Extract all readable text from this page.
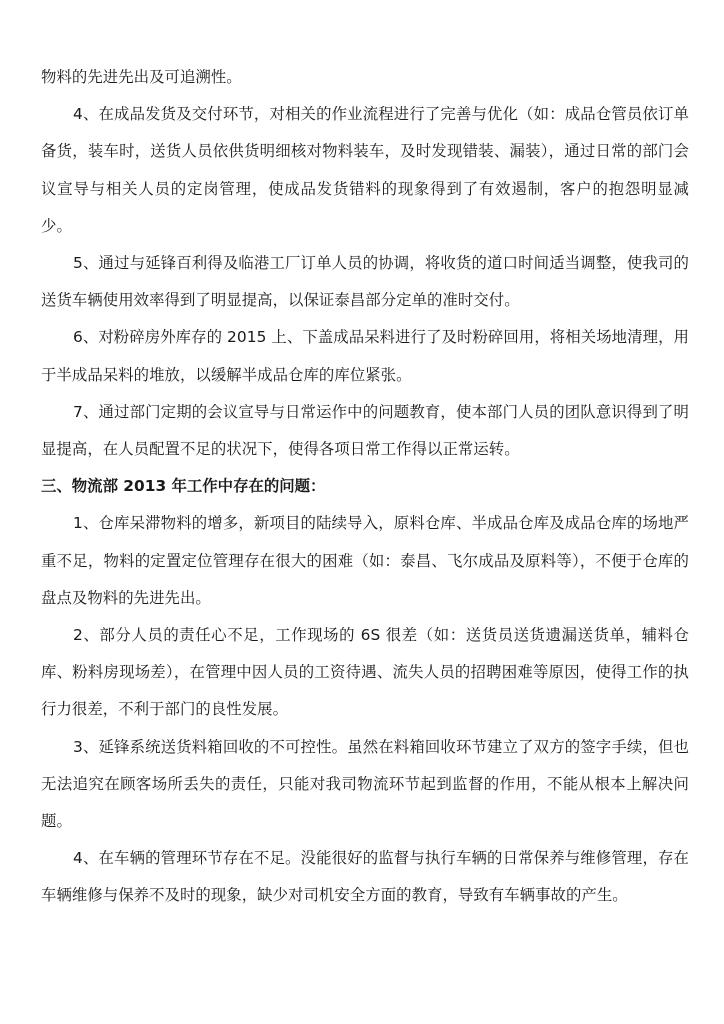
物料的先进先出及可追溯性。

4、在成品发货及交付环节，对相关的作业流程进行了完善与优化（如：成品仓管员依订单备货，装车时，送货人员依供货明细核对物料装车，及时发现错装、漏装），通过日常的部门会议宣导与相关人员的定岗管理，使成品发货错料的现象得到了有效遏制，客户的抱怨明显减少。

5、通过与延锋百利得及临港工厂订单人员的协调，将收货的道口时间适当调整，使我司的送货车辆使用效率得到了明显提高，以保证泰昌部分定单的准时交付。

6、对粉碎房外库存的 2015 上、下盖成品呆料进行了及时粉碎回用，将相关场地清理，用于半成品呆料的堆放，以缓解半成品仓库的库位紧张。

7、通过部门定期的会议宣导与日常运作中的问题教育，使本部门人员的团队意识得到了明显提高，在人员配置不足的状况下，使得各项日常工作得以正常运转。

三、物流部 2013 年工作中存在的问题：

1、仓库呆滞物料的增多，新项目的陆续导入，原料仓库、半成品仓库及成品仓库的场地严重不足，物料的定置定位管理存在很大的困难（如：泰昌、飞尔成品及原料等），不便于仓库的盘点及物料的先进先出。

2、部分人员的责任心不足，工作现场的 6S 很差（如：送货员送货遗漏送货单，辅料仓库、粉料房现场差），在管理中因人员的工资待遇、流失人员的招聘困难等原因，使得工作的执行力很差，不利于部门的良性发展。

3、延锋系统送货料箱回收的不可控性。虽然在料箱回收环节建立了双方的签字手续，但也无法追究在顾客场所丢失的责任，只能对我司物流环节起到监督的作用，不能从根本上解决问题。

4、在车辆的管理环节存在不足。没能很好的监督与执行车辆的日常保养与维修管理，存在车辆维修与保养不及时的现象，缺少对司机安全方面的教育，导致有车辆事故的产生。
